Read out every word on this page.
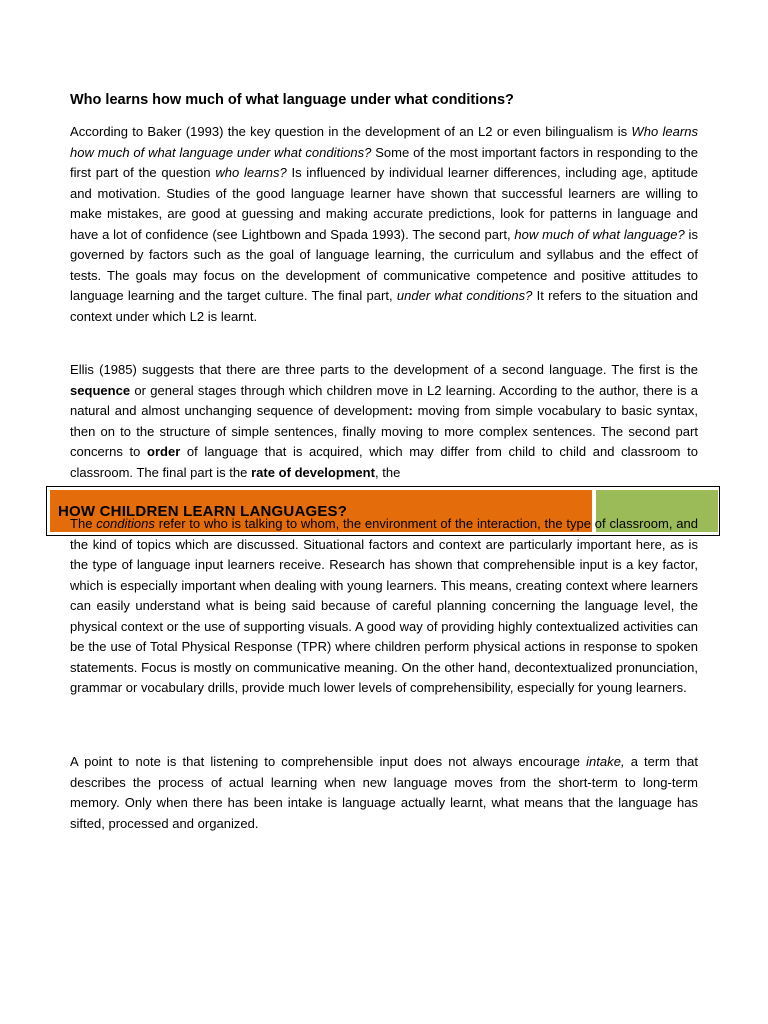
Who learns how much of what language under what conditions?

According to Baker (1993) the key question in the development of an L2 or even bilingualism is Who learns how much of what language under what conditions? Some of the most important factors in responding to the first part of the question who learns? Is influenced by individual learner differences, including age, aptitude and motivation. Studies of the good language learner have shown that successful learners are willing to make mistakes, are good at guessing and making accurate predictions, look for patterns in language and have a lot of confidence (see Lightbown and Spada 1993). The second part, how much of what language? is governed by factors such as the goal of language learning, the curriculum and syllabus and the effect of tests. The goals may focus on the development of communicative competence and positive attitudes to language learning and the target culture. The final part, under what conditions? It refers to the situation and context under which L2 is learnt.

Ellis (1985) suggests that there are three parts to the development of a second language. The first is the sequence or general stages through which children move in L2 learning. According to the author, there is a natural and almost unchanging sequence of development: moving from simple vocabulary to basic syntax, then on to the structure of simple sentences, finally moving to more complex sentences. The second part concerns to order of language that is acquired, which may differ from child to child and classroom to classroom. The final part is the rate of development, the

HOW CHILDREN LEARN LANGUAGES?

The conditions refer to who is talking to whom, the environment of the interaction, the type of classroom, and the kind of topics which are discussed. Situational factors and context are particularly important here, as is the type of language input learners receive. Research has shown that comprehensible input is a key factor, which is especially important when dealing with young learners. This means, creating context where learners can easily understand what is being said because of careful planning concerning the language level, the physical context or the use of supporting visuals. A good way of providing highly contextualized activities can be the use of Total Physical Response (TPR) where children perform physical actions in response to spoken statements. Focus is mostly on communicative meaning. On the other hand, decontextualized pronunciation, grammar or vocabulary drills, provide much lower levels of comprehensibility, especially for young learners.

A point to note is that listening to comprehensible input does not always encourage intake, a term that describes the process of actual learning when new language moves from the short-term to long-term memory. Only when there has been intake is language actually learnt, what means that the language has sifted, processed and organized.
